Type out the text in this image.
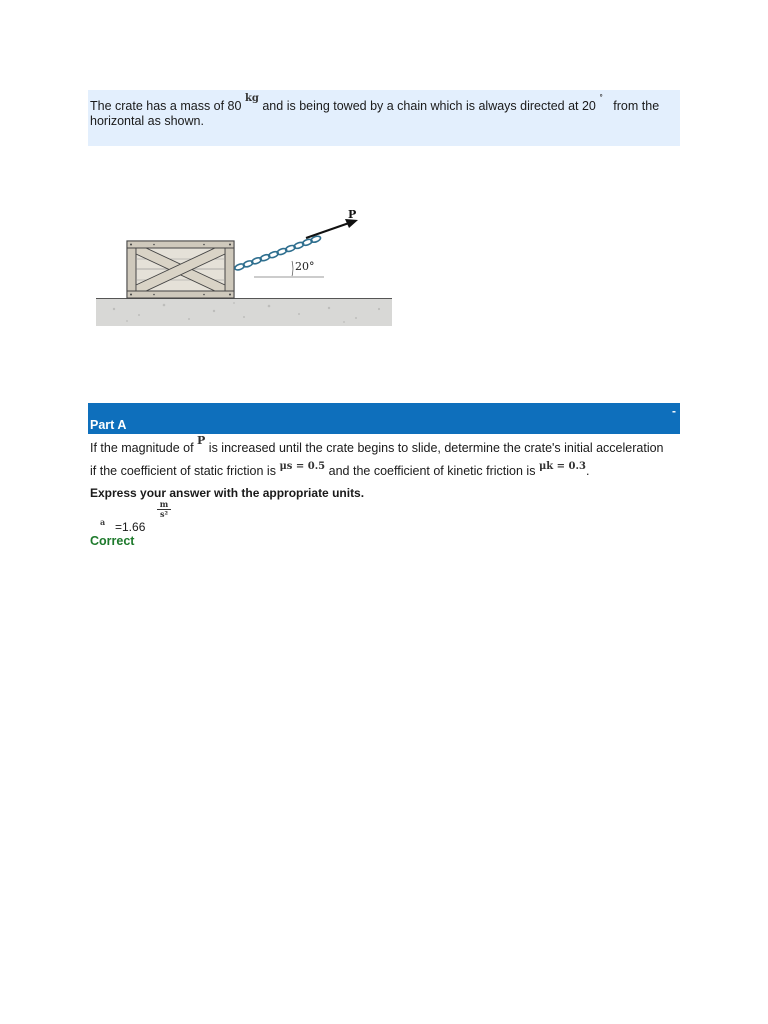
The crate has a mass of 80 $^{kg}$ and is being towed by a chain which is always directed at 20 °   from the horizontal as shown.
P
20°
Part A
-
If the magnitude of P is increased until the crate begins to slide, determine the crate's initial acceleration
if the coefficient of static friction is $^{\mu s = 0.5}$ and the coefficient of kinetic friction is $^{\mu k = 0.3}$.
Express your answer with the appropriate units.
a =1.66
$\frac{m}{\text{s²}}$
Correct
